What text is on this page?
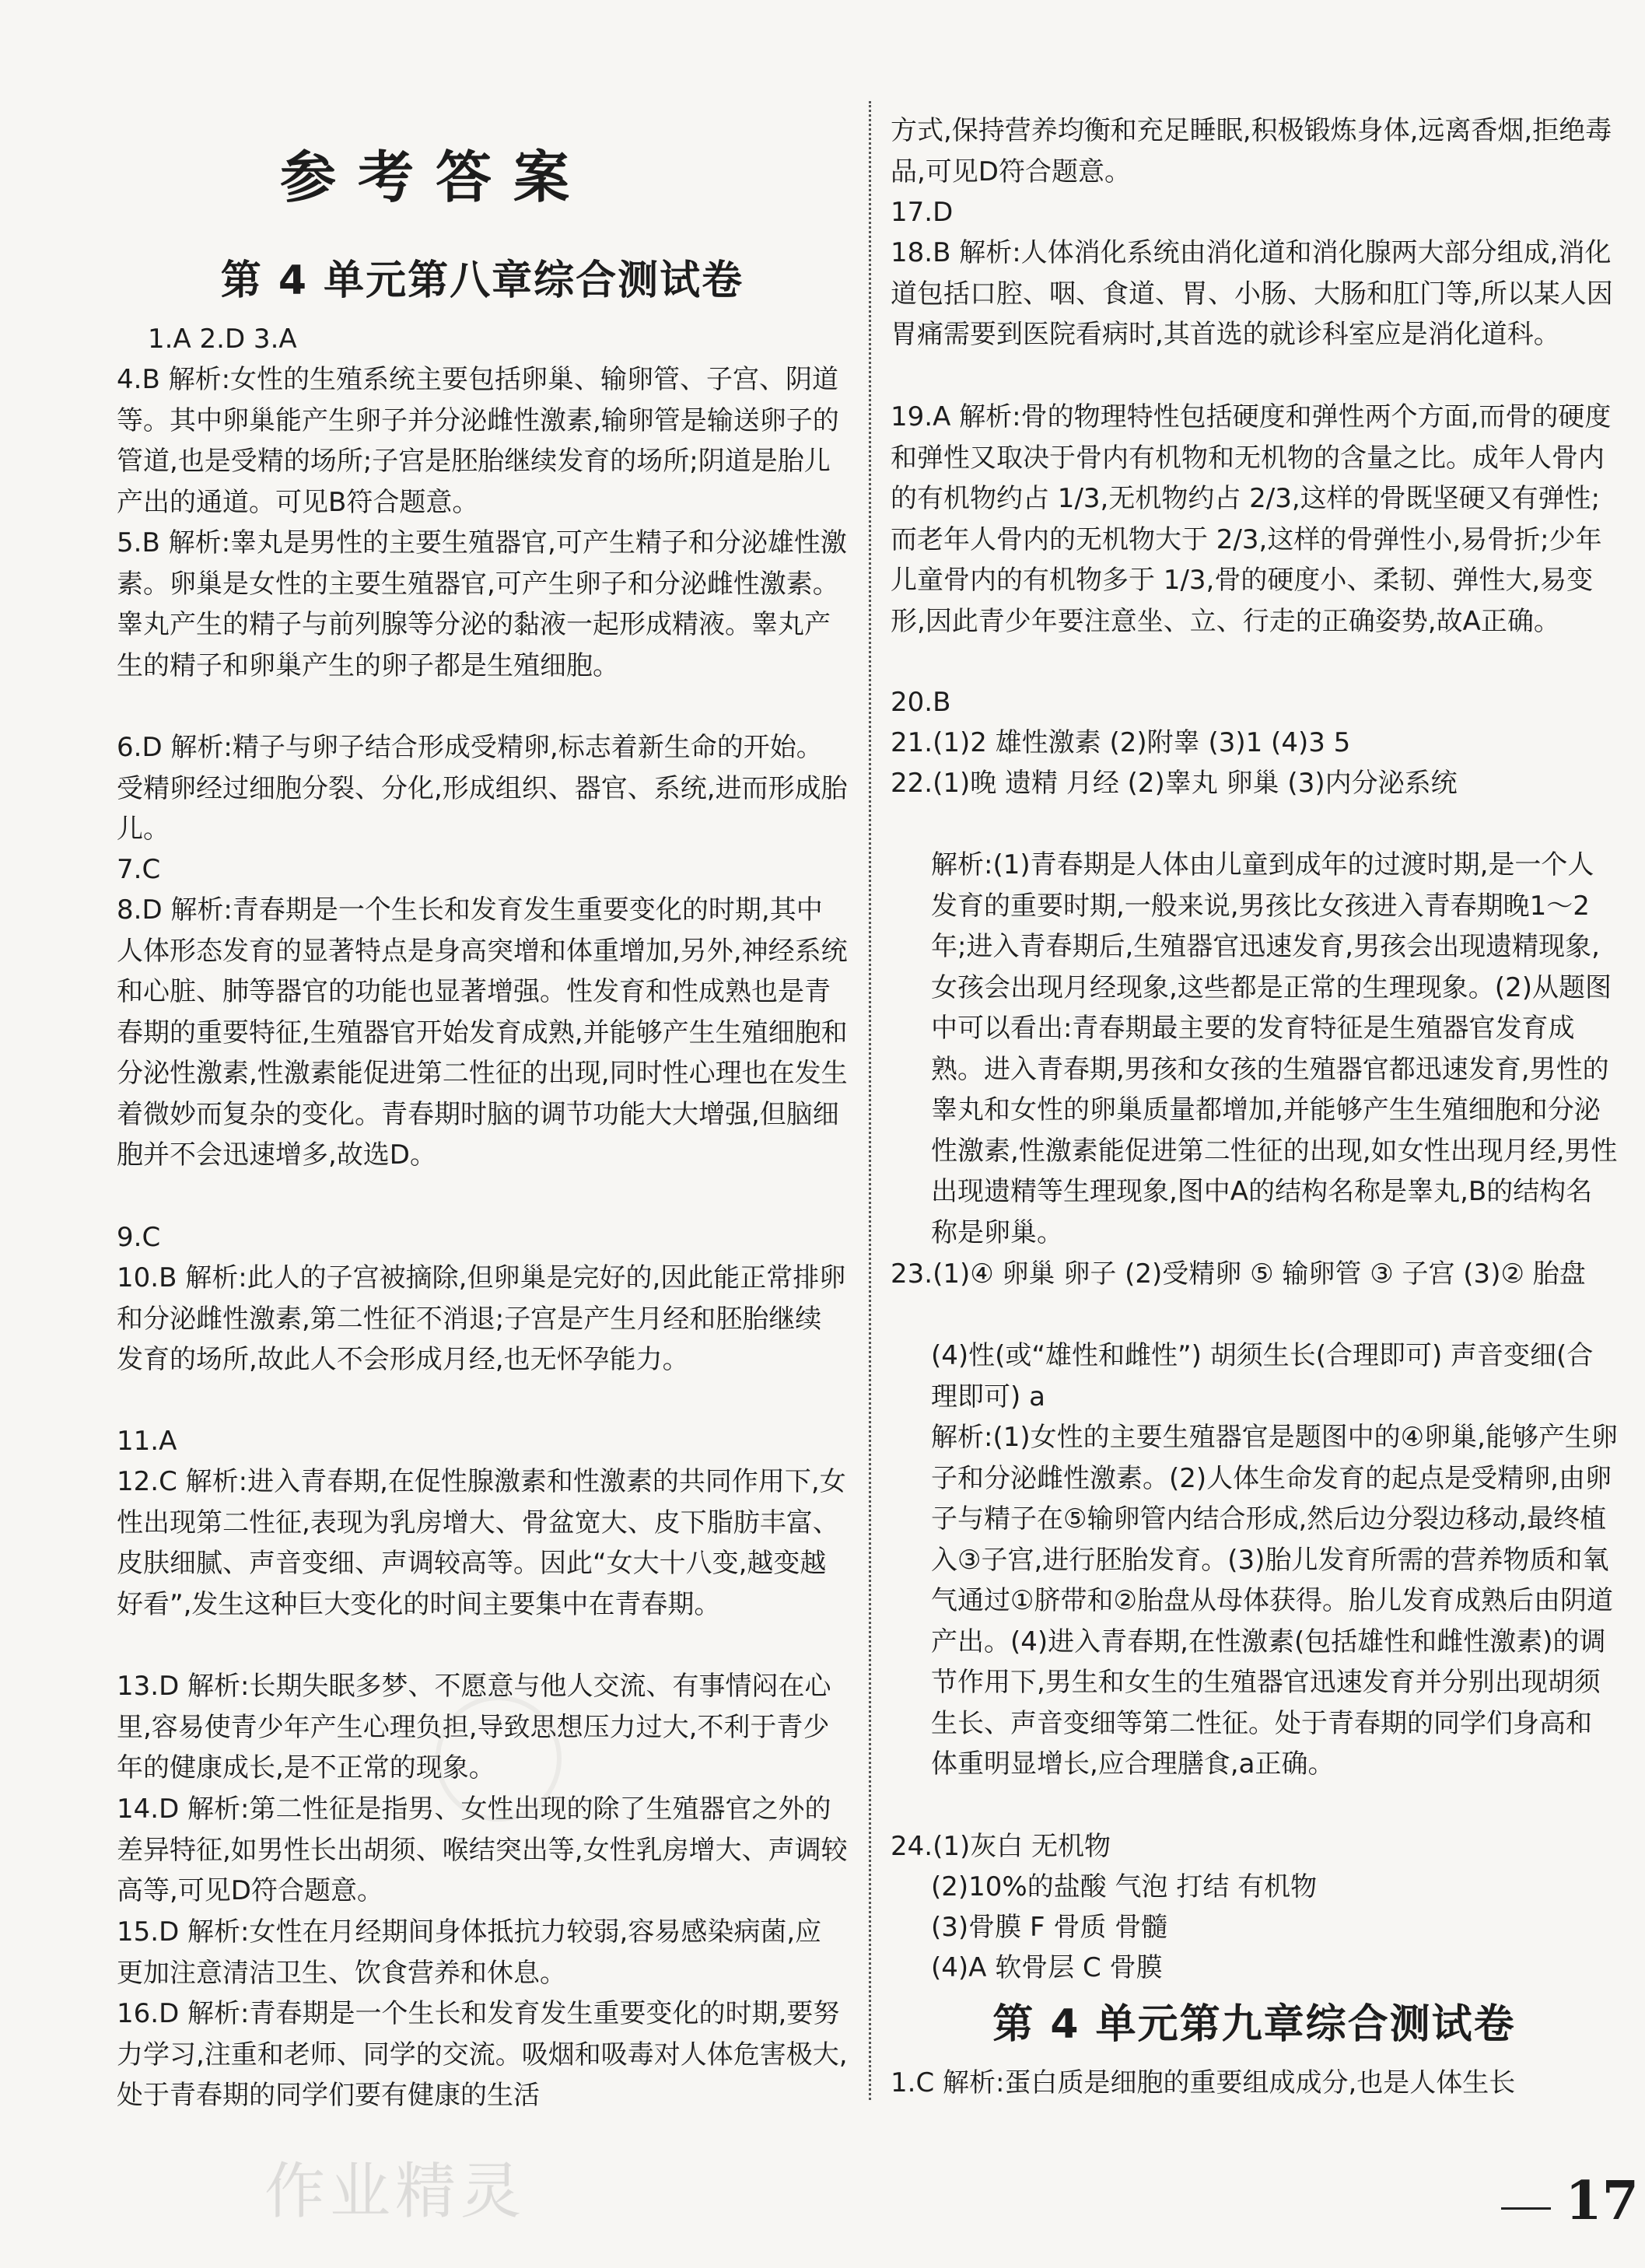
参考答案
第 4 单元第八章综合测试卷
第 4 单元第九章综合测试卷
1.A 2.D 3.A
4.B 解析:女性的生殖系统主要包括卵巢、输卵管、子宫、阴道等。其中卵巢能产生卵子并分泌雌性激素,输卵管是输送卵子的管道,也是受精的场所;子宫是胚胎继续发育的场所;阴道是胎儿产出的通道。可见B符合题意。
5.B 解析:睾丸是男性的主要生殖器官,可产生精子和分泌雄性激素。卵巢是女性的主要生殖器官,可产生卵子和分泌雌性激素。睾丸产生的精子与前列腺等分泌的黏液一起形成精液。睾丸产生的精子和卵巢产生的卵子都是生殖细胞。
6.D 解析:精子与卵子结合形成受精卵,标志着新生命的开始。受精卵经过细胞分裂、分化,形成组织、器官、系统,进而形成胎儿。
7.C
8.D 解析:青春期是一个生长和发育发生重要变化的时期,其中人体形态发育的显著特点是身高突增和体重增加,另外,神经系统和心脏、肺等器官的功能也显著增强。性发育和性成熟也是青春期的重要特征,生殖器官开始发育成熟,并能够产生生殖细胞和分泌性激素,性激素能促进第二性征的出现,同时性心理也在发生着微妙而复杂的变化。青春期时脑的调节功能大大增强,但脑细胞并不会迅速增多,故选D。
9.C
10.B 解析:此人的子宫被摘除,但卵巢是完好的,因此能正常排卵和分泌雌性激素,第二性征不消退;子宫是产生月经和胚胎继续发育的场所,故此人不会形成月经,也无怀孕能力。
11.A
12.C 解析:进入青春期,在促性腺激素和性激素的共同作用下,女性出现第二性征,表现为乳房增大、骨盆宽大、皮下脂肪丰富、皮肤细腻、声音变细、声调较高等。因此“女大十八变,越变越好看”,发生这种巨大变化的时间主要集中在青春期。
13.D 解析:长期失眠多梦、不愿意与他人交流、有事情闷在心里,容易使青少年产生心理负担,导致思想压力过大,不利于青少年的健康成长,是不正常的现象。
14.D 解析:第二性征是指男、女性出现的除了生殖器官之外的差异特征,如男性长出胡须、喉结突出等,女性乳房增大、声调较高等,可见D符合题意。
15.D 解析:女性在月经期间身体抵抗力较弱,容易感染病菌,应更加注意清洁卫生、饮食营养和休息。
16.D 解析:青春期是一个生长和发育发生重要变化的时期,要努力学习,注重和老师、同学的交流。吸烟和吸毒对人体危害极大,处于青春期的同学们要有健康的生活
方式,保持营养均衡和充足睡眠,积极锻炼身体,远离香烟,拒绝毒品,可见D符合题意。
17.D
18.B 解析:人体消化系统由消化道和消化腺两大部分组成,消化道包括口腔、咽、食道、胃、小肠、大肠和肛门等,所以某人因胃痛需要到医院看病时,其首选的就诊科室应是消化道科。
19.A 解析:骨的物理特性包括硬度和弹性两个方面,而骨的硬度和弹性又取决于骨内有机物和无机物的含量之比。成年人骨内的有机物约占 1/3,无机物约占 2/3,这样的骨既坚硬又有弹性;而老年人骨内的无机物大于 2/3,这样的骨弹性小,易骨折;少年儿童骨内的有机物多于 1/3,骨的硬度小、柔韧、弹性大,易变形,因此青少年要注意坐、立、行走的正确姿势,故A正确。
20.B
21.(1)2 雄性激素 (2)附睾 (3)1 (4)3 5
22.(1)晚 遗精 月经 (2)睾丸 卵巢 (3)内分泌系统
解析:(1)青春期是人体由儿童到成年的过渡时期,是一个人发育的重要时期,一般来说,男孩比女孩进入青春期晚1～2年;进入青春期后,生殖器官迅速发育,男孩会出现遗精现象,女孩会出现月经现象,这些都是正常的生理现象。(2)从题图中可以看出:青春期最主要的发育特征是生殖器官发育成熟。进入青春期,男孩和女孩的生殖器官都迅速发育,男性的睾丸和女性的卵巢质量都增加,并能够产生生殖细胞和分泌性激素,性激素能促进第二性征的出现,如女性出现月经,男性出现遗精等生理现象,图中A的结构名称是睾丸,B的结构名称是卵巢。
23.(1)④ 卵巢 卵子 (2)受精卵 ⑤ 输卵管 ③ 子宫 (3)② 胎盘
(4)性(或“雄性和雌性”) 胡须生长(合理即可) 声音变细(合理即可) a
解析:(1)女性的主要生殖器官是题图中的④卵巢,能够产生卵子和分泌雌性激素。(2)人体生命发育的起点是受精卵,由卵子与精子在⑤输卵管内结合形成,然后边分裂边移动,最终植入③子宫,进行胚胎发育。(3)胎儿发育所需的营养物质和氧气通过①脐带和②胎盘从母体获得。胎儿发育成熟后由阴道产出。(4)进入青春期,在性激素(包括雄性和雌性激素)的调节作用下,男生和女生的生殖器官迅速发育并分别出现胡须生长、声音变细等第二性征。处于青春期的同学们身高和体重明显增长,应合理膳食,a正确。
24.(1)灰白 无机物
(2)10%的盐酸 气泡 打结 有机物
(3)骨膜 F 骨质 骨髓
(4)A 软骨层 C 骨膜
1.C 解析:蛋白质是细胞的重要组成成分,也是人体生长
作业精灵	17
